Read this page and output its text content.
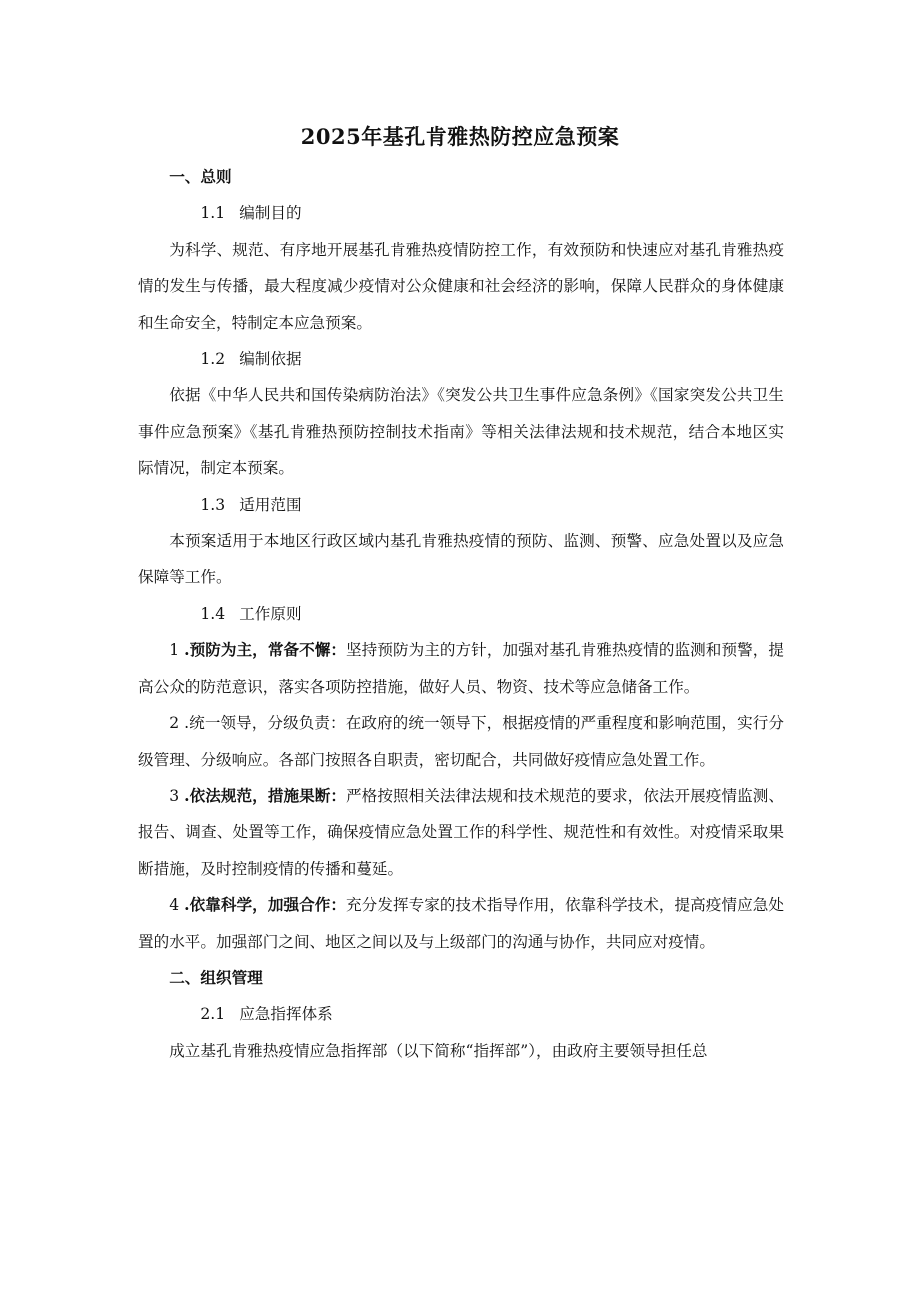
2025年基孔肯雅热防控应急预案

一、总则

1.1 编制目的

为科学、规范、有序地开展基孔肯雅热疫情防控工作，有效预防和快速应对基孔肯雅热疫情的发生与传播，最大程度减少疫情对公众健康和社会经济的影响，保障人民群众的身体健康和生命安全，特制定本应急预案。

1.2 编制依据

依据《中华人民共和国传染病防治法》《突发公共卫生事件应急条例》《国家突发公共卫生事件应急预案》《基孔肯雅热预防控制技术指南》等相关法律法规和技术规范，结合本地区实际情况，制定本预案。

1.3 适用范围

本预案适用于本地区行政区域内基孔肯雅热疫情的预防、监测、预警、应急处置以及应急保障等工作。

1.4 工作原则

1 .预防为主，常备不懈：坚持预防为主的方针，加强对基孔肯雅热疫情的监测和预警，提高公众的防范意识，落实各项防控措施，做好人员、物资、技术等应急储备工作。

2 .统一领导，分级负责：在政府的统一领导下，根据疫情的严重程度和影响范围，实行分级管理、分级响应。各部门按照各自职责，密切配合，共同做好疫情应急处置工作。

3 .依法规范，措施果断：严格按照相关法律法规和技术规范的要求，依法开展疫情监测、报告、调查、处置等工作，确保疫情应急处置工作的科学性、规范性和有效性。对疫情采取果断措施，及时控制疫情的传播和蔓延。

4 .依靠科学，加强合作：充分发挥专家的技术指导作用，依靠科学技术，提高疫情应急处置的水平。加强部门之间、地区之间以及与上级部门的沟通与协作，共同应对疫情。

二、组织管理

2.1 应急指挥体系

成立基孔肯雅热疫情应急指挥部（以下简称“指挥部”），由政府主要领导担任总
